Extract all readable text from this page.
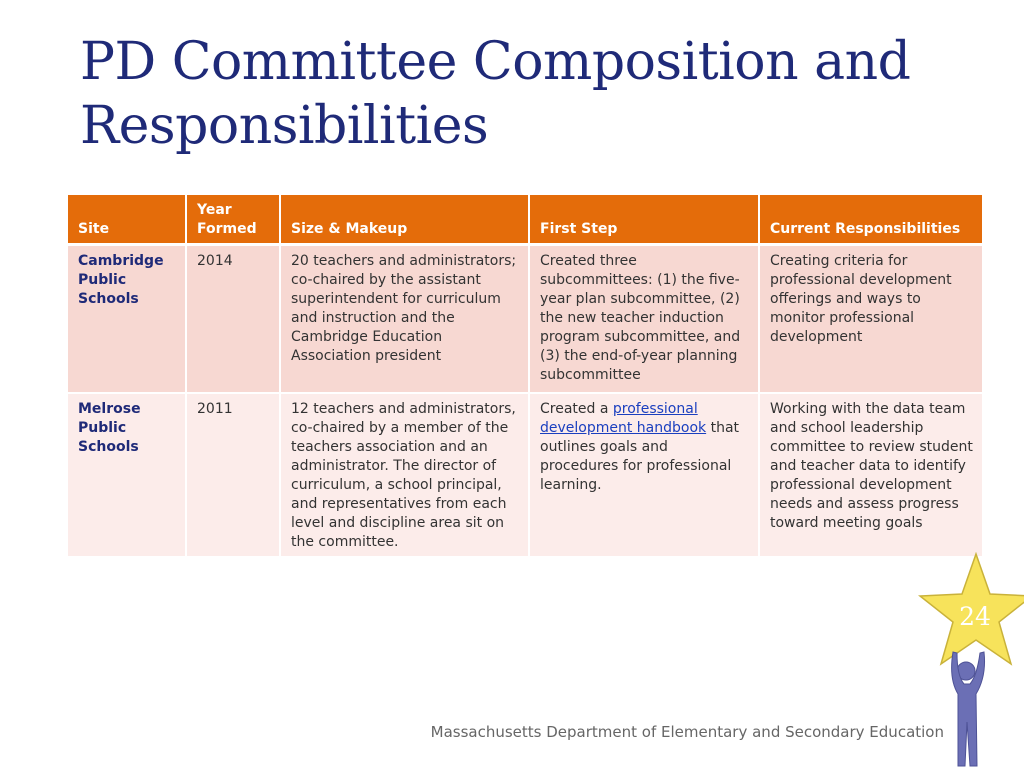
PD Committee Composition and Responsibilities
Site	Year Formed	Size & Makeup	First Step	Current Responsibilities
Cambridge Public Schools	2014	20 teachers and administrators; co-chaired by the assistant superintendent for curriculum and instruction and the Cambridge Education Association president	Created three subcommittees: (1) the five-year plan subcommittee, (2) the new teacher induction program subcommittee, and (3) the end-of-year planning subcommittee	Creating criteria for professional development offerings and ways to monitor professional development
Melrose Public Schools	2011	12 teachers and administrators, co-chaired by a member of the teachers association and an administrator. The director of curriculum, a school principal, and representatives from each level and discipline area sit on the committee.	Created a professional development handbook that outlines goals and procedures for professional learning.	Working with the data team and school leadership committee to review student and teacher data to identify professional development needs and assess progress toward meeting goals
Massachusetts Department of Elementary and Secondary Education
24
